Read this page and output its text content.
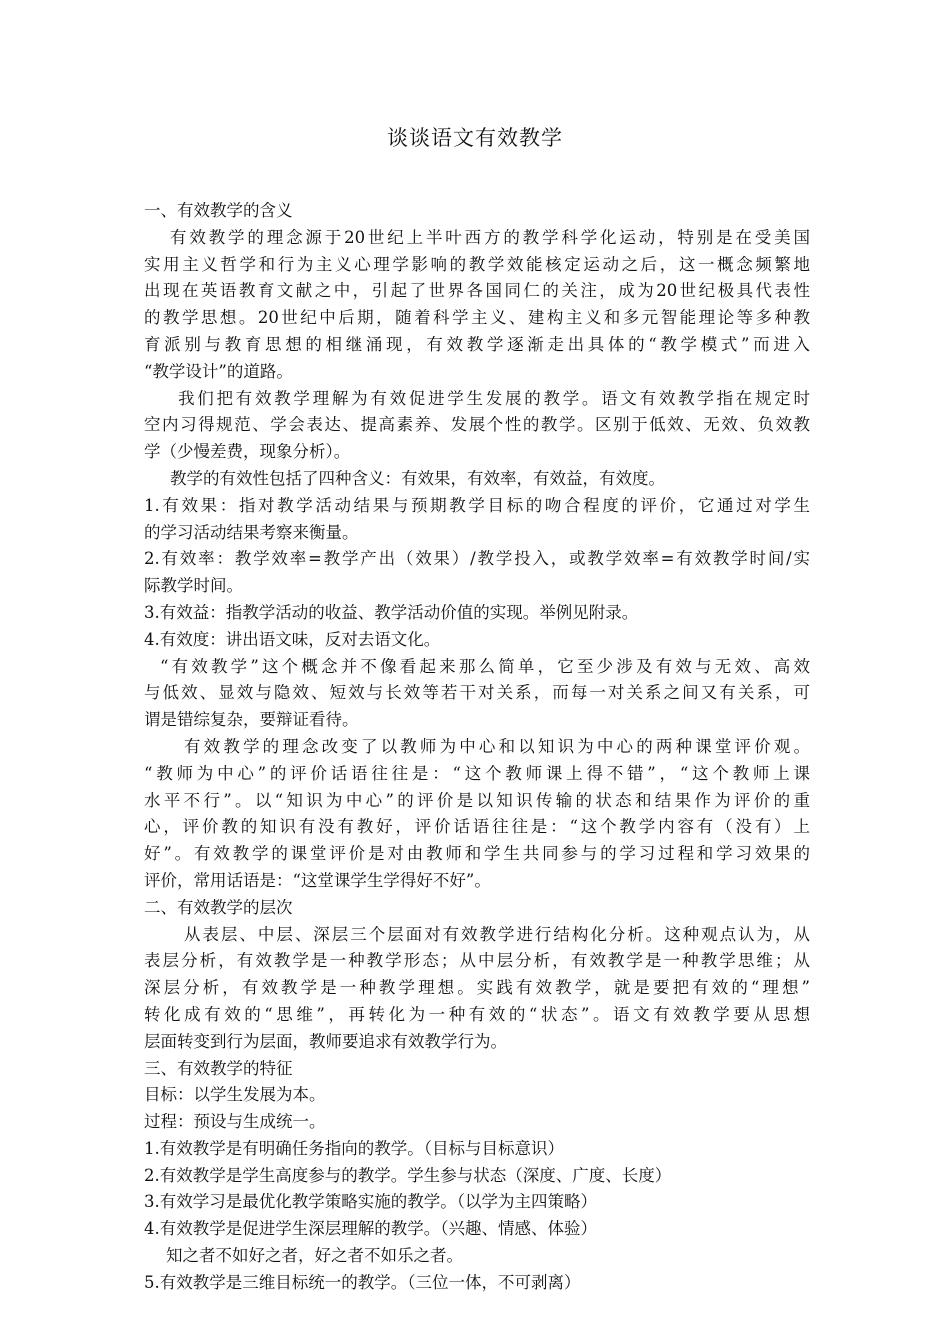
谈谈语文有效教学
一、有效教学的含义
有效教学的理念源于20世纪上半叶西方的教学科学化运动，特别是在受美国
实用主义哲学和行为主义心理学影响的教学效能核定运动之后，这一概念频繁地
出现在英语教育文献之中，引起了世界各国同仁的关注，成为20世纪极具代表性
的教学思想。20世纪中后期，随着科学主义、建构主义和多元智能理论等多种教
育派别与教育思想的相继涌现，有效教学逐渐走出具体的“教学模式”而进入
“教学设计”的道路。
我们把有效教学理解为有效促进学生发展的教学。语文有效教学指在规定时
空内习得规范、学会表达、提高素养、发展个性的教学。区别于低效、无效、负效教
学（少慢差费，现象分析）。
教学的有效性包括了四种含义：有效果，有效率，有效益，有效度。
1.有效果：指对教学活动结果与预期教学目标的吻合程度的评价，它通过对学生
的学习活动结果考察来衡量。
2.有效率：教学效率=教学产出（效果）/教学投入，或教学效率=有效教学时间/实
际教学时间。
3.有效益：指教学活动的收益、教学活动价值的实现。举例见附录。
4.有效度：讲出语文味，反对去语文化。
“有效教学”这个概念并不像看起来那么简单，它至少涉及有效与无效、高效
与低效、显效与隐效、短效与长效等若干对关系，而每一对关系之间又有关系，可
谓是错综复杂，要辩证看待。
有效教学的理念改变了以教师为中心和以知识为中心的两种课堂评价观。
“教师为中心”的评价话语往往是：“这个教师课上得不错”，“这个教师上课
水平不行”。以“知识为中心”的评价是以知识传输的状态和结果作为评价的重
心，评价教的知识有没有教好，评价话语往往是：“这个教学内容有（没有）上
好”。有效教学的课堂评价是对由教师和学生共同参与的学习过程和学习效果的
评价，常用话语是：“这堂课学生学得好不好”。
二、有效教学的层次
从表层、中层、深层三个层面对有效教学进行结构化分析。这种观点认为，从
表层分析，有效教学是一种教学形态；从中层分析，有效教学是一种教学思维；从
深层分析，有效教学是一种教学理想。实践有效教学，就是要把有效的“理想”
转化成有效的“思维”，再转化为一种有效的“状态”。语文有效教学要从思想
层面转变到行为层面，教师要追求有效教学行为。
三、有效教学的特征
目标：以学生发展为本。
过程：预设与生成统一。
1.有效教学是有明确任务指向的教学。（目标与目标意识）
2.有效教学是学生高度参与的教学。学生参与状态（深度、广度、长度）
3.有效学习是最优化教学策略实施的教学。（以学为主四策略）
4.有效教学是促进学生深层理解的教学。（兴趣、情感、体验）
知之者不如好之者，好之者不如乐之者。
5.有效教学是三维目标统一的教学。（三位一体，不可剥离）
